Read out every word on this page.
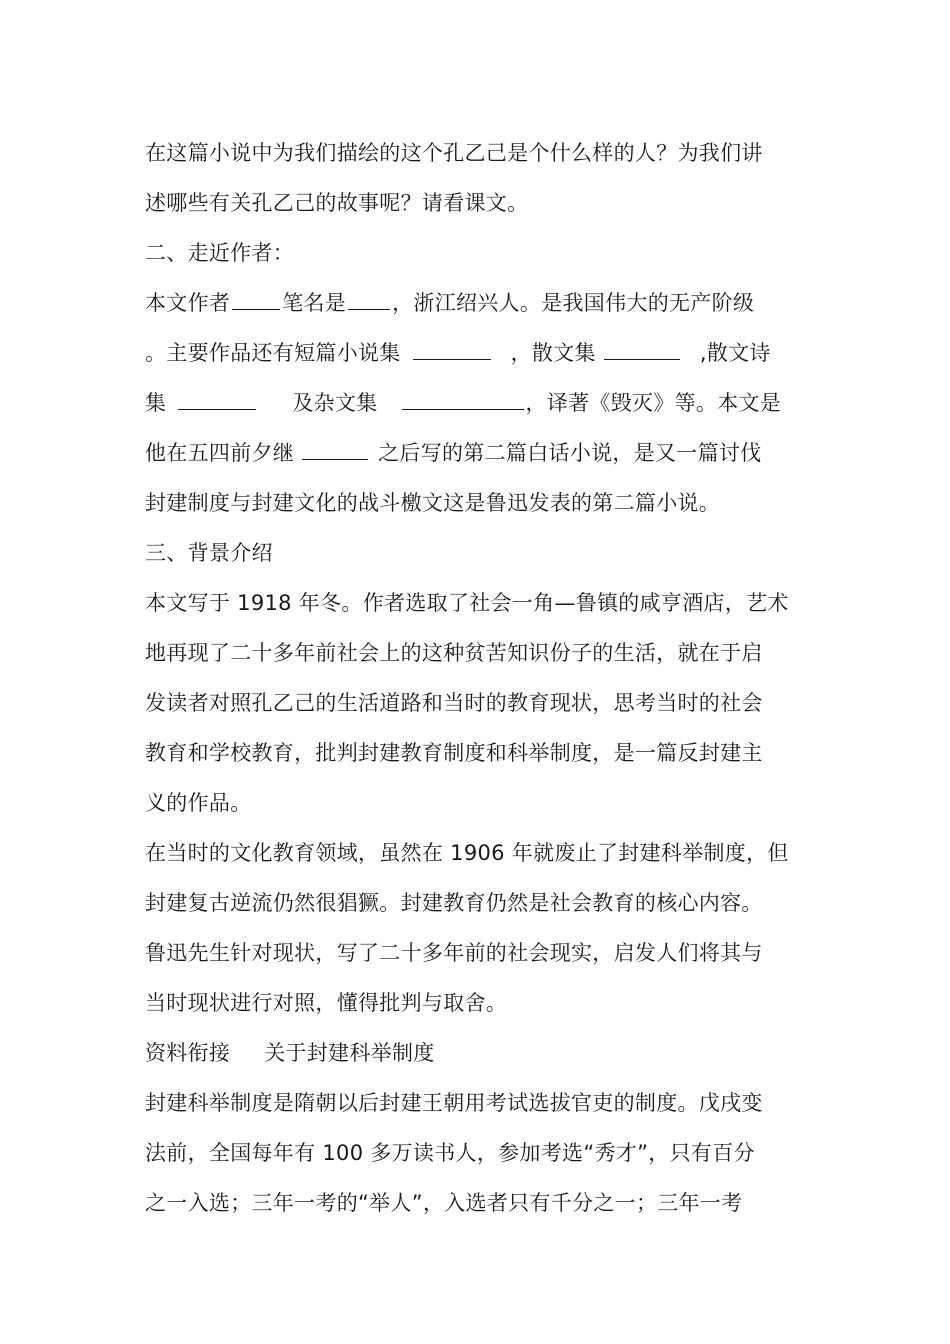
在这篇小说中为我们描绘的这个孔乙己是个什么样的人？为我们讲
述哪些有关孔乙己的故事呢？请看课文。
二、走近作者：
本文作者 笔名是 ，浙江绍兴人。是我国伟大的无产阶级
。主要作品还有短篇小说集	，散文集	,散文诗
集	及杂文集	，译著《毁灭》等。本文是
他在五四前夕继	之后写的第二篇白话小说，是又一篇讨伐
封建制度与封建文化的战斗檄文这是鲁迅发表的第二篇小说。
三、背景介绍
本文写于 1918 年冬。作者选取了社会一角—鲁镇的咸亨酒店，艺术
地再现了二十多年前社会上的这种贫苦知识份子的生活，就在于启
发读者对照孔乙己的生活道路和当时的教育现状，思考当时的社会
教育和学校教育，批判封建教育制度和科举制度，是一篇反封建主
义的作品。
在当时的文化教育领域，虽然在 1906 年就废止了封建科举制度，但
封建复古逆流仍然很猖獗。封建教育仍然是社会教育的核心内容。
鲁迅先生针对现状，写了二十多年前的社会现实，启发人们将其与
当时现状进行对照，懂得批判与取舍。
资料衔接 关于封建科举制度
封建科举制度是隋朝以后封建王朝用考试选拔官吏的制度。戊戌变
法前，全国每年有 100 多万读书人，参加考选“秀才”，只有百分
之一入选；三年一考的“举人”，入选者只有千分之一；三年一考
